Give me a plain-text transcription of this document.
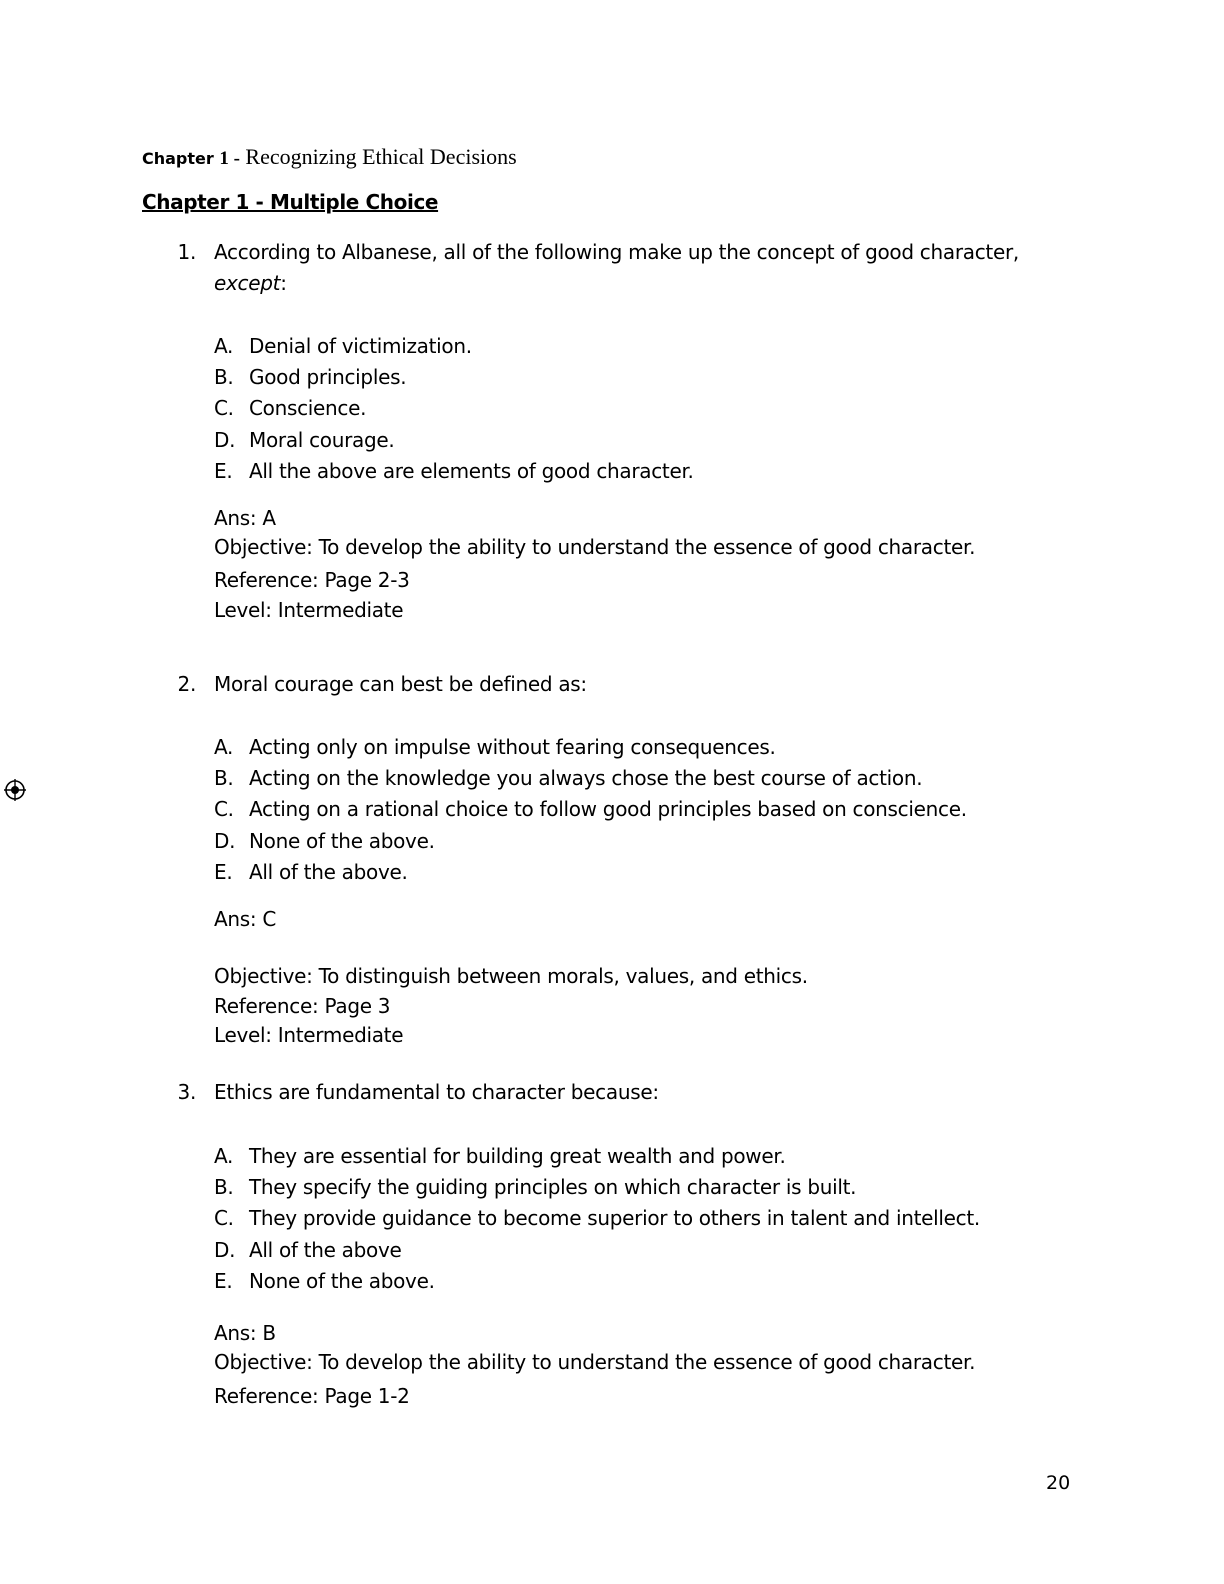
Chapter 1 - Recognizing Ethical Decisions
Chapter 1 - Multiple Choice
1. According to Albanese, all of the following make up the concept of good character,
except:
A. Denial of victimization.
B. Good principles.
C. Conscience.
D. Moral courage.
E. All the above are elements of good character.
Ans: A
Objective: To develop the ability to understand the essence of good character.
Reference: Page 2-3
Level: Intermediate
2. Moral courage can best be defined as:
A. Acting only on impulse without fearing consequences.
B. Acting on the knowledge you always chose the best course of action.
C. Acting on a rational choice to follow good principles based on conscience.
D. None of the above.
E. All of the above.
Ans: C
Objective: To distinguish between morals, values, and ethics.
Reference: Page 3
Level: Intermediate
3. Ethics are fundamental to character because:
A. They are essential for building great wealth and power.
B. They specify the guiding principles on which character is built.
C. They provide guidance to become superior to others in talent and intellect.
D. All of the above
E. None of the above.
Ans: B
Objective: To develop the ability to understand the essence of good character.
Reference: Page 1-2
20
